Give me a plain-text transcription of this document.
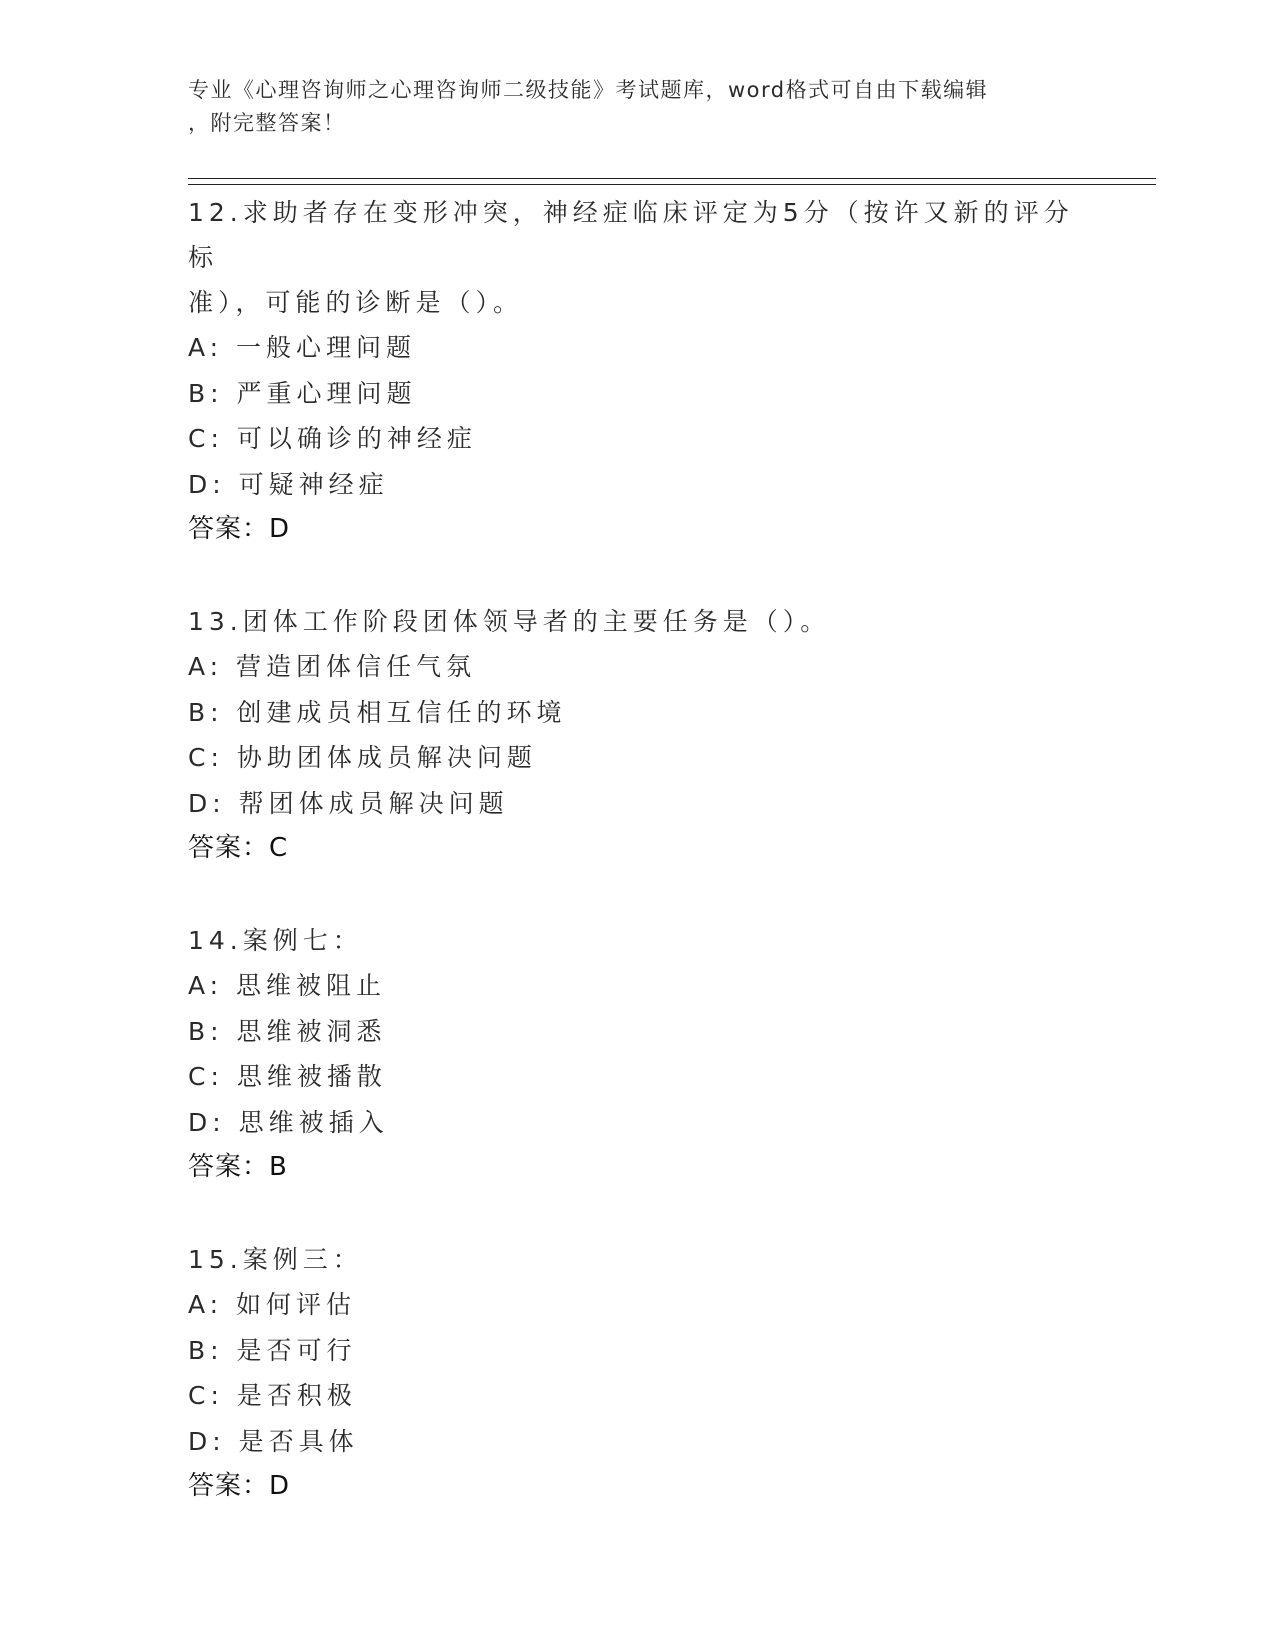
专业《心理咨询师之心理咨询师二级技能》考试题库，word格式可自由下载编辑
，附完整答案！

12.求助者存在变形冲突，神经症临床评定为5分（按许又新的评分标

准），可能的诊断是（）。

A: 一般心理问题

B: 严重心理问题

C: 可以确诊的神经症

D: 可疑神经症

答案：D

13.团体工作阶段团体领导者的主要任务是（）。

A: 营造团体信任气氛

B: 创建成员相互信任的环境

C: 协助团体成员解决问题

D: 帮团体成员解决问题

答案：C

14.案例七：

A: 思维被阻止

B: 思维被洞悉

C: 思维被播散

D: 思维被插入

答案：B

15.案例三：

A: 如何评估

B: 是否可行

C: 是否积极

D: 是否具体

答案：D
